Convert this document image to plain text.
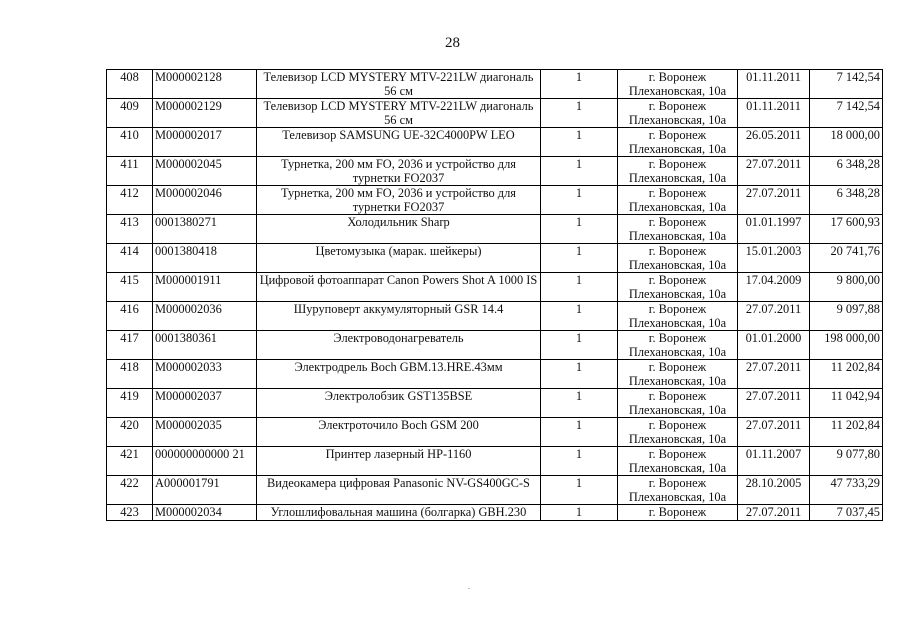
28
408	M000002128	Телевизор LCD MYSTERY MTV-221LW диагональ 56 см	1	г. Воронеж
Плехановская, 10а	01.11.2011	7 142,54
409	M000002129	Телевизор LCD MYSTERY MTV-221LW диагональ 56 см	1	г. Воронеж
Плехановская, 10а	01.11.2011	7 142,54
410	M000002017	Телевизор SAMSUNG UE-32C4000PW LEO	1	г. Воронеж
Плехановская, 10а	26.05.2011	18 000,00
411	M000002045	Турнетка, 200 мм FO, 2036 и устройство для турнетки FO2037	1	г. Воронеж
Плехановская, 10а	27.07.2011	6 348,28
412	M000002046	Турнетка, 200 мм FO, 2036 и устройство для турнетки FO2037	1	г. Воронеж
Плехановская, 10а	27.07.2011	6 348,28
413	0001380271	Холодильник Sharp	1	г. Воронеж
Плехановская, 10а	01.01.1997	17 600,93
414	0001380418	Цветомузыка (марак. шейкеры)	1	г. Воронеж
Плехановская, 10а	15.01.2003	20 741,76
415	M000001911	Цифровой фотоаппарат Canon Powers Shot A 1000 IS	1	г. Воронеж
Плехановская, 10а	17.04.2009	9 800,00
416	M000002036	Шуруповерт аккумуляторный GSR 14.4	1	г. Воронеж
Плехановская, 10а	27.07.2011	9 097,88
417	0001380361	Электроводонагреватель	1	г. Воронеж
Плехановская, 10а	01.01.2000	198 000,00
418	M000002033	Электродрель Boch GBM.13.HRE.43мм	1	г. Воронеж
Плехановская, 10а	27.07.2011	11 202,84
419	M000002037	Электролобзик GST135BSE	1	г. Воронеж
Плехановская, 10а	27.07.2011	11 042,94
420	M000002035	Электроточило Boch GSM 200	1	г. Воронеж
Плехановская, 10а	27.07.2011	11 202,84
421	000000000000 21	Принтер лазерный HP-1160	1	г. Воронеж
Плехановская, 10а	01.11.2007	9 077,80
422	A000001791	Видеокамера цифровая Panasonic NV-GS400GC-S	1	г. Воронеж
Плехановская, 10а	28.10.2005	47 733,29
423	M000002034	Углошлифовальная машина (болгарка) GBH.230	1	г. Воронеж	27.07.2011	7 037,45
